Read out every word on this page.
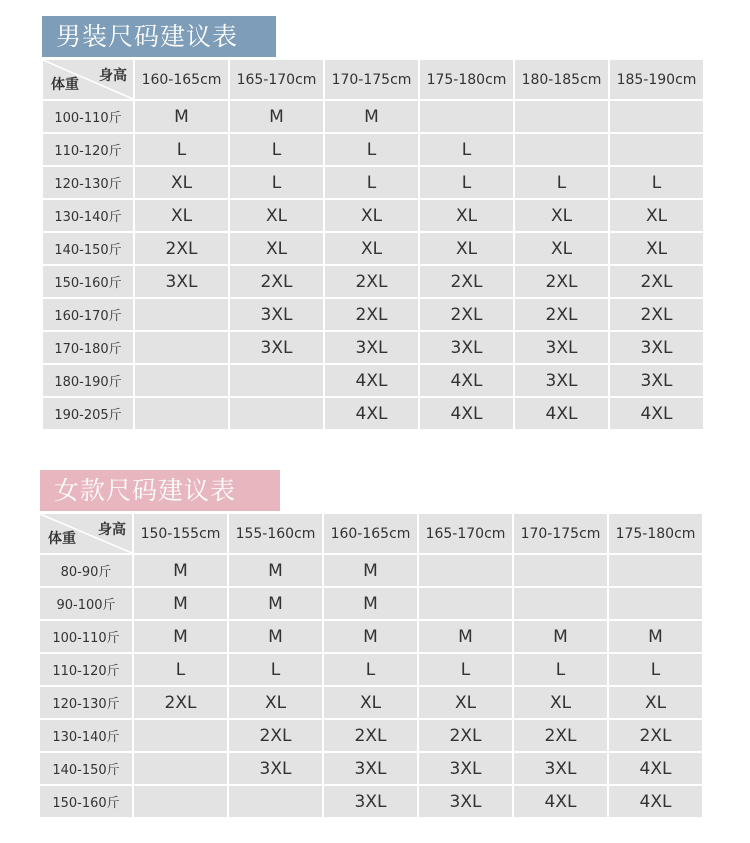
男装尺码建议表
身高
体重	160-165cm	165-170cm	170-175cm	175-180cm	180-185cm	185-190cm
100-110斤	M	M	M			
110-120斤	L	L	L	L		
120-130斤	XL	L	L	L	L	L
130-140斤	XL	XL	XL	XL	XL	XL
140-150斤	2XL	XL	XL	XL	XL	XL
150-160斤	3XL	2XL	2XL	2XL	2XL	2XL
160-170斤		3XL	2XL	2XL	2XL	2XL
170-180斤		3XL	3XL	3XL	3XL	3XL
180-190斤			4XL	4XL	3XL	3XL
190-205斤			4XL	4XL	4XL	4XL
女款尺码建议表
身高
体重	150-155cm	155-160cm	160-165cm	165-170cm	170-175cm	175-180cm
80-90斤	M	M	M			
90-100斤	M	M	M			
100-110斤	M	M	M	M	M	M
110-120斤	L	L	L	L	L	L
120-130斤	2XL	XL	XL	XL	XL	XL
130-140斤		2XL	2XL	2XL	2XL	2XL
140-150斤		3XL	3XL	3XL	3XL	4XL
150-160斤			3XL	3XL	4XL	4XL
